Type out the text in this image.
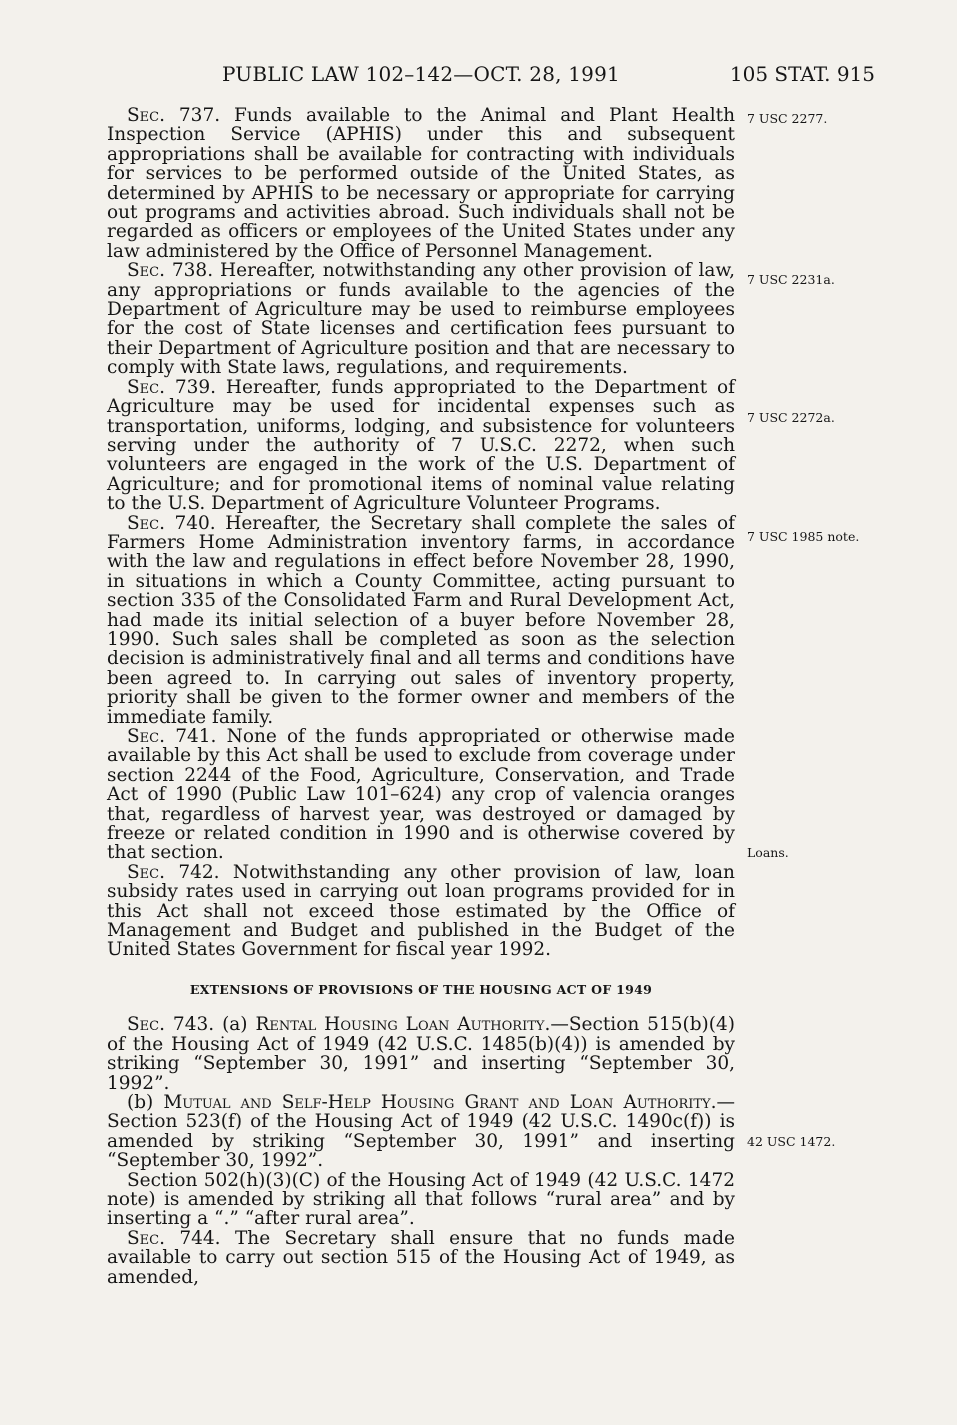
PUBLIC LAW 102–142—OCT. 28, 1991	105 STAT. 915

Sec. 737. Funds available to the Animal and Plant Health Inspection Service (APHIS) under this and subsequent appropriations shall be available for contracting with individuals for services to be performed outside of the United States, as determined by APHIS to be necessary or appropriate for carrying out programs and activities abroad. Such individuals shall not be regarded as officers or employees of the United States under any law administered by the Office of Personnel Management.

Sec. 738. Hereafter, notwithstanding any other provision of law, any appropriations or funds available to the agencies of the Department of Agriculture may be used to reimburse employees for the cost of State licenses and certification fees pursuant to their Department of Agriculture position and that are necessary to comply with State laws, regulations, and requirements.

Sec. 739. Hereafter, funds appropriated to the Department of Agriculture may be used for incidental expenses such as transportation, uniforms, lodging, and subsistence for volunteers serving under the authority of 7 U.S.C. 2272, when such volunteers are engaged in the work of the U.S. Department of Agriculture; and for promotional items of nominal value relating to the U.S. Department of Agriculture Volunteer Programs.

Sec. 740. Hereafter, the Secretary shall complete the sales of Farmers Home Administration inventory farms, in accordance with the law and regulations in effect before November 28, 1990, in situations in which a County Committee, acting pursuant to section 335 of the Consolidated Farm and Rural Development Act, had made its initial selection of a buyer before November 28, 1990. Such sales shall be completed as soon as the selection decision is administratively final and all terms and conditions have been agreed to. In carrying out sales of inventory property, priority shall be given to the former owner and members of the immediate family.

Sec. 741. None of the funds appropriated or otherwise made available by this Act shall be used to exclude from coverage under section 2244 of the Food, Agriculture, Conservation, and Trade Act of 1990 (Public Law 101–624) any crop of valencia oranges that, regardless of harvest year, was destroyed or damaged by freeze or related condition in 1990 and is otherwise covered by that section.

Sec. 742. Notwithstanding any other provision of law, loan subsidy rates used in carrying out loan programs provided for in this Act shall not exceed those estimated by the Office of Management and Budget and published in the Budget of the United States Government for fiscal year 1992.

EXTENSIONS OF PROVISIONS OF THE HOUSING ACT OF 1949

Sec. 743. (a) Rental Housing Loan Authority.—Section 515(b)(4) of the Housing Act of 1949 (42 U.S.C. 1485(b)(4)) is amended by striking “September 30, 1991” and inserting “September 30, 1992”.

(b) Mutual and Self-Help Housing Grant and Loan Authority.—Section 523(f) of the Housing Act of 1949 (42 U.S.C. 1490c(f)) is amended by striking “September 30, 1991” and inserting “September 30, 1992”.

Section 502(h)(3)(C) of the Housing Act of 1949 (42 U.S.C. 1472 note) is amended by striking all that follows “rural area” and by inserting a “.” “after rural area”.

Sec. 744. The Secretary shall ensure that no funds made available to carry out section 515 of the Housing Act of 1949, as amended,

7 USC 2277.
7 USC 2231a.
7 USC 2272a.
7 USC 1985 note.
Loans.
42 USC 1472.
